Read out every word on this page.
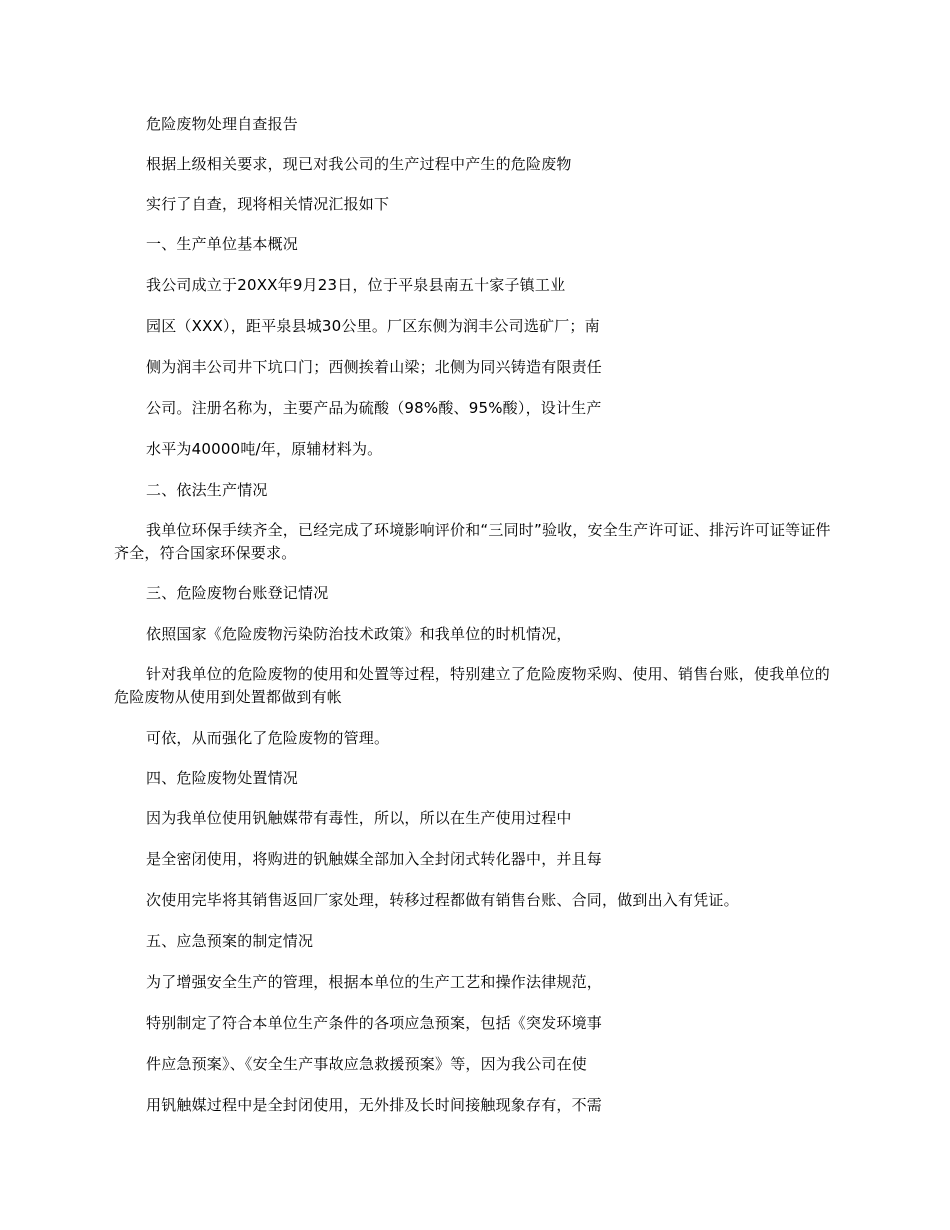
危险废物处理自查报告
根据上级相关要求，现已对我公司的生产过程中产生的危险废物
实行了自查，现将相关情况汇报如下
一、生产单位基本概况
我公司成立于20XX年9月23日，位于平泉县南五十家子镇工业
园区（XXX），距平泉县城30公里。厂区东侧为润丰公司选矿厂；南
侧为润丰公司井下坑口门；西侧挨着山梁；北侧为同兴铸造有限责任
公司。注册名称为，主要产品为硫酸（98%酸、95%酸），设计生产
水平为40000吨/年，原辅材料为。
二、依法生产情况
我单位环保手续齐全，已经完成了环境影响评价和“三同时”验收，安全生产许可证、排污许可证等证件齐全，符合国家环保要求。
三、危险废物台账登记情况
依照国家《危险废物污染防治技术政策》和我单位的时机情况，
针对我单位的危险废物的使用和处置等过程，特别建立了危险废物采购、使用、销售台账，使我单位的危险废物从使用到处置都做到有帐
可依，从而强化了危险废物的管理。
四、危险废物处置情况
因为我单位使用钒触媒带有毒性，所以，所以在生产使用过程中
是全密闭使用，将购进的钒触媒全部加入全封闭式转化器中，并且每
次使用完毕将其销售返回厂家处理，转移过程都做有销售台账、合同，做到出入有凭证。
五、应急预案的制定情况
为了增强安全生产的管理，根据本单位的生产工艺和操作法律规范，
特别制定了符合本单位生产条件的各项应急预案，包括《突发环境事
件应急预案》、《安全生产事故应急救援预案》等，因为我公司在使
用钒触媒过程中是全封闭使用，无外排及长时间接触现象存有，不需
